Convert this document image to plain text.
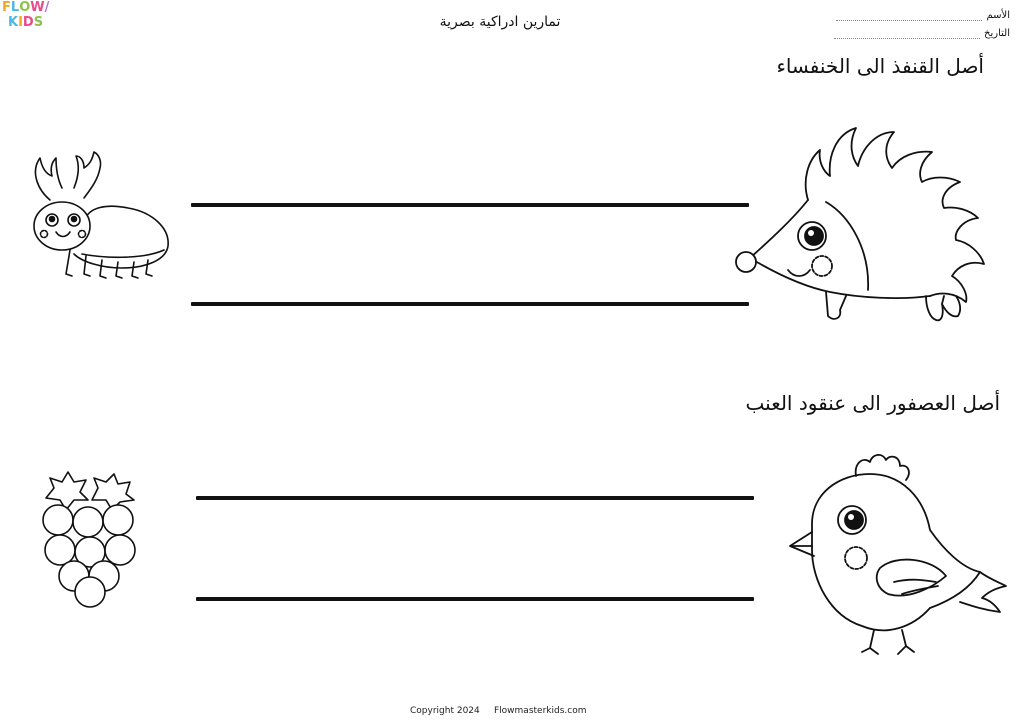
FLOW/
KIDS	تمارين ادراكية بصرية	الأسم
التاريخ
أصل القنفذ الى الخنفساء
أصل العصفور الى عنقود العنب
Copyright 2024 Flowmasterkids.com
